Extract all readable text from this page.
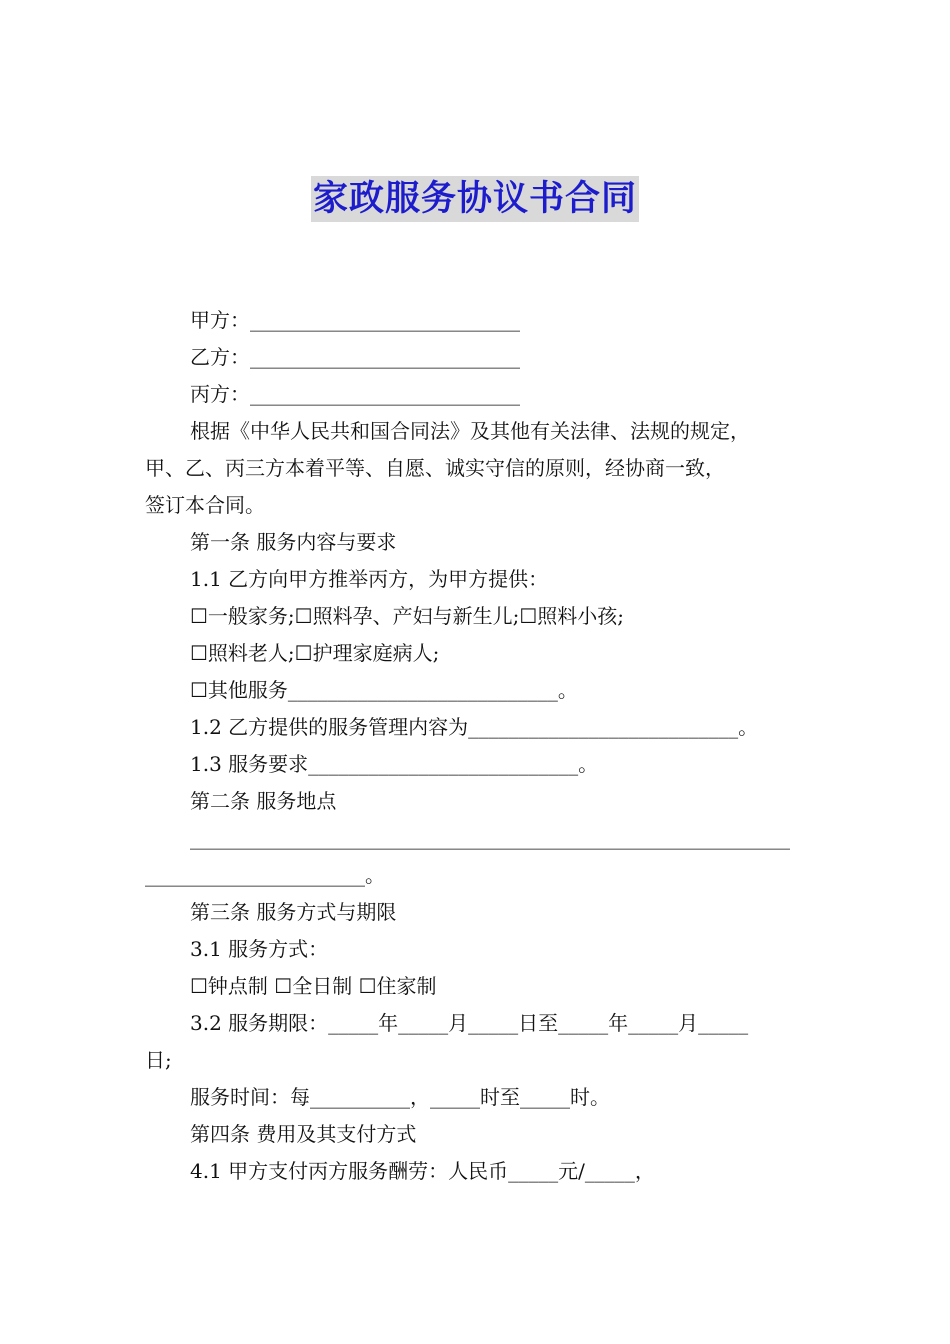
家政服务协议书合同

甲方：___________________________

乙方：___________________________

丙方：___________________________

根据《中华人民共和国合同法》及其他有关法律、法规的规定，

甲、乙、丙三方本着平等、自愿、诚实守信的原则，经协商一致，

签订本合同。

第一条 服务内容与要求

1.1 乙方向甲方推举丙方，为甲方提供：

☐一般家务;☐照料孕、产妇与新生儿;☐照料小孩;

☐照料老人;☐护理家庭病人;

☐其他服务___________________________。

1.2 乙方提供的服务管理内容为___________________________。

1.3 服务要求___________________________。

第二条 服务地点

____________________________________________________________

______________________。

第三条 服务方式与期限

3.1 服务方式：

☐钟点制 ☐全日制 ☐住家制

3.2 服务期限：_____年_____月_____日至_____年_____月_____

日;

服务时间：每__________，_____时至_____时。

第四条 费用及其支付方式

4.1 甲方支付丙方服务酬劳：人民币_____元/_____，
